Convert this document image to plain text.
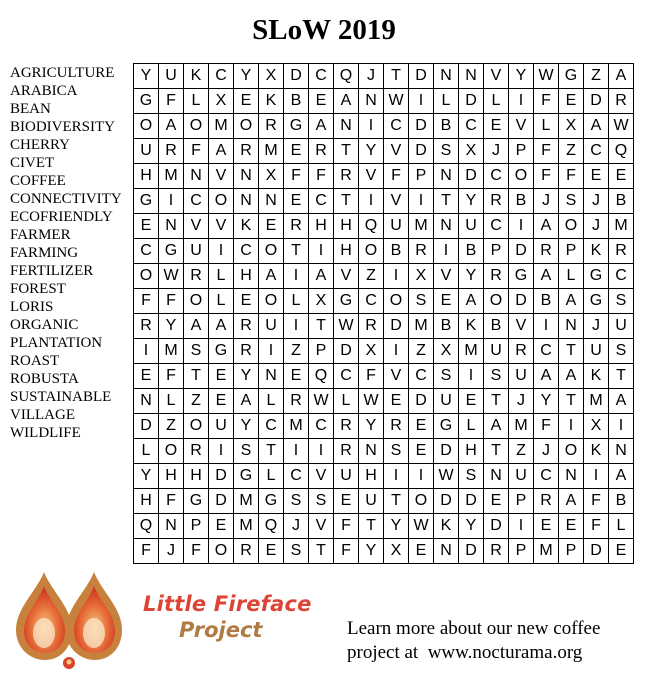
SLoW 2019
AGRICULTURE
ARABICA
BEAN
BIODIVERSITY
CHERRY
CIVET
COFFEE
CONNECTIVITY
ECOFRIENDLY
FARMER
FARMING
FERTILIZER
FOREST
LORIS
ORGANIC
PLANTATION
ROAST
ROBUSTA
SUSTAINABLE
VILLAGE
WILDLIFE
Y	U	K	C	Y	X	D	C	Q	J	T	D	N	N	V	Y	W	G	Z	A
G	F	L	X	E	K	B	E	A	N	W	I	L	D	L	I	F	E	D	R
O	A	O	M	O	R	G	A	N	I	C	D	B	C	E	V	L	X	A	W
U	R	F	A	R	M	E	R	T	Y	V	D	S	X	J	P	F	Z	C	Q
H	M	N	V	N	X	F	F	R	V	F	P	N	D	C	O	F	F	E	E
G	I	C	O	N	N	E	C	T	I	V	I	T	Y	R	B	J	S	J	B
E	N	V	V	K	E	R	H	H	Q	U	M	N	U	C	I	A	O	J	M
C	G	U	I	C	O	T	I	H	O	B	R	I	B	P	D	R	P	K	R
O	W	R	L	H	A	I	A	V	Z	I	X	V	Y	R	G	A	L	G	C
F	F	O	L	E	O	L	X	G	C	O	S	E	A	O	D	B	A	G	S
R	Y	A	A	R	U	I	T	W	R	D	M	B	K	B	V	I	N	J	U
I	M	S	G	R	I	Z	P	D	X	I	Z	X	M	U	R	C	T	U	S
E	F	T	E	Y	N	E	Q	C	F	V	C	S	I	S	U	A	A	K	T
N	L	Z	E	A	L	R	W	L	W	E	D	U	E	T	J	Y	T	M	A
D	Z	O	U	Y	C	M	C	R	Y	R	E	G	L	A	M	F	I	X	I
L	O	R	I	S	T	I	I	R	N	S	E	D	H	T	Z	J	O	K	N
Y	H	H	D	G	L	C	V	U	H	I	I	W	S	N	U	C	N	I	A
H	F	G	D	M	G	S	S	E	U	T	O	D	D	E	P	R	A	F	B
Q	N	P	E	M	Q	J	V	F	T	Y	W	K	Y	D	I	E	E	F	L
F	J	F	O	R	E	S	T	F	Y	X	E	N	D	R	P	M	P	D	E
Little Fireface
Project	Learn more about our new coffee
project at  www.nocturama.org
